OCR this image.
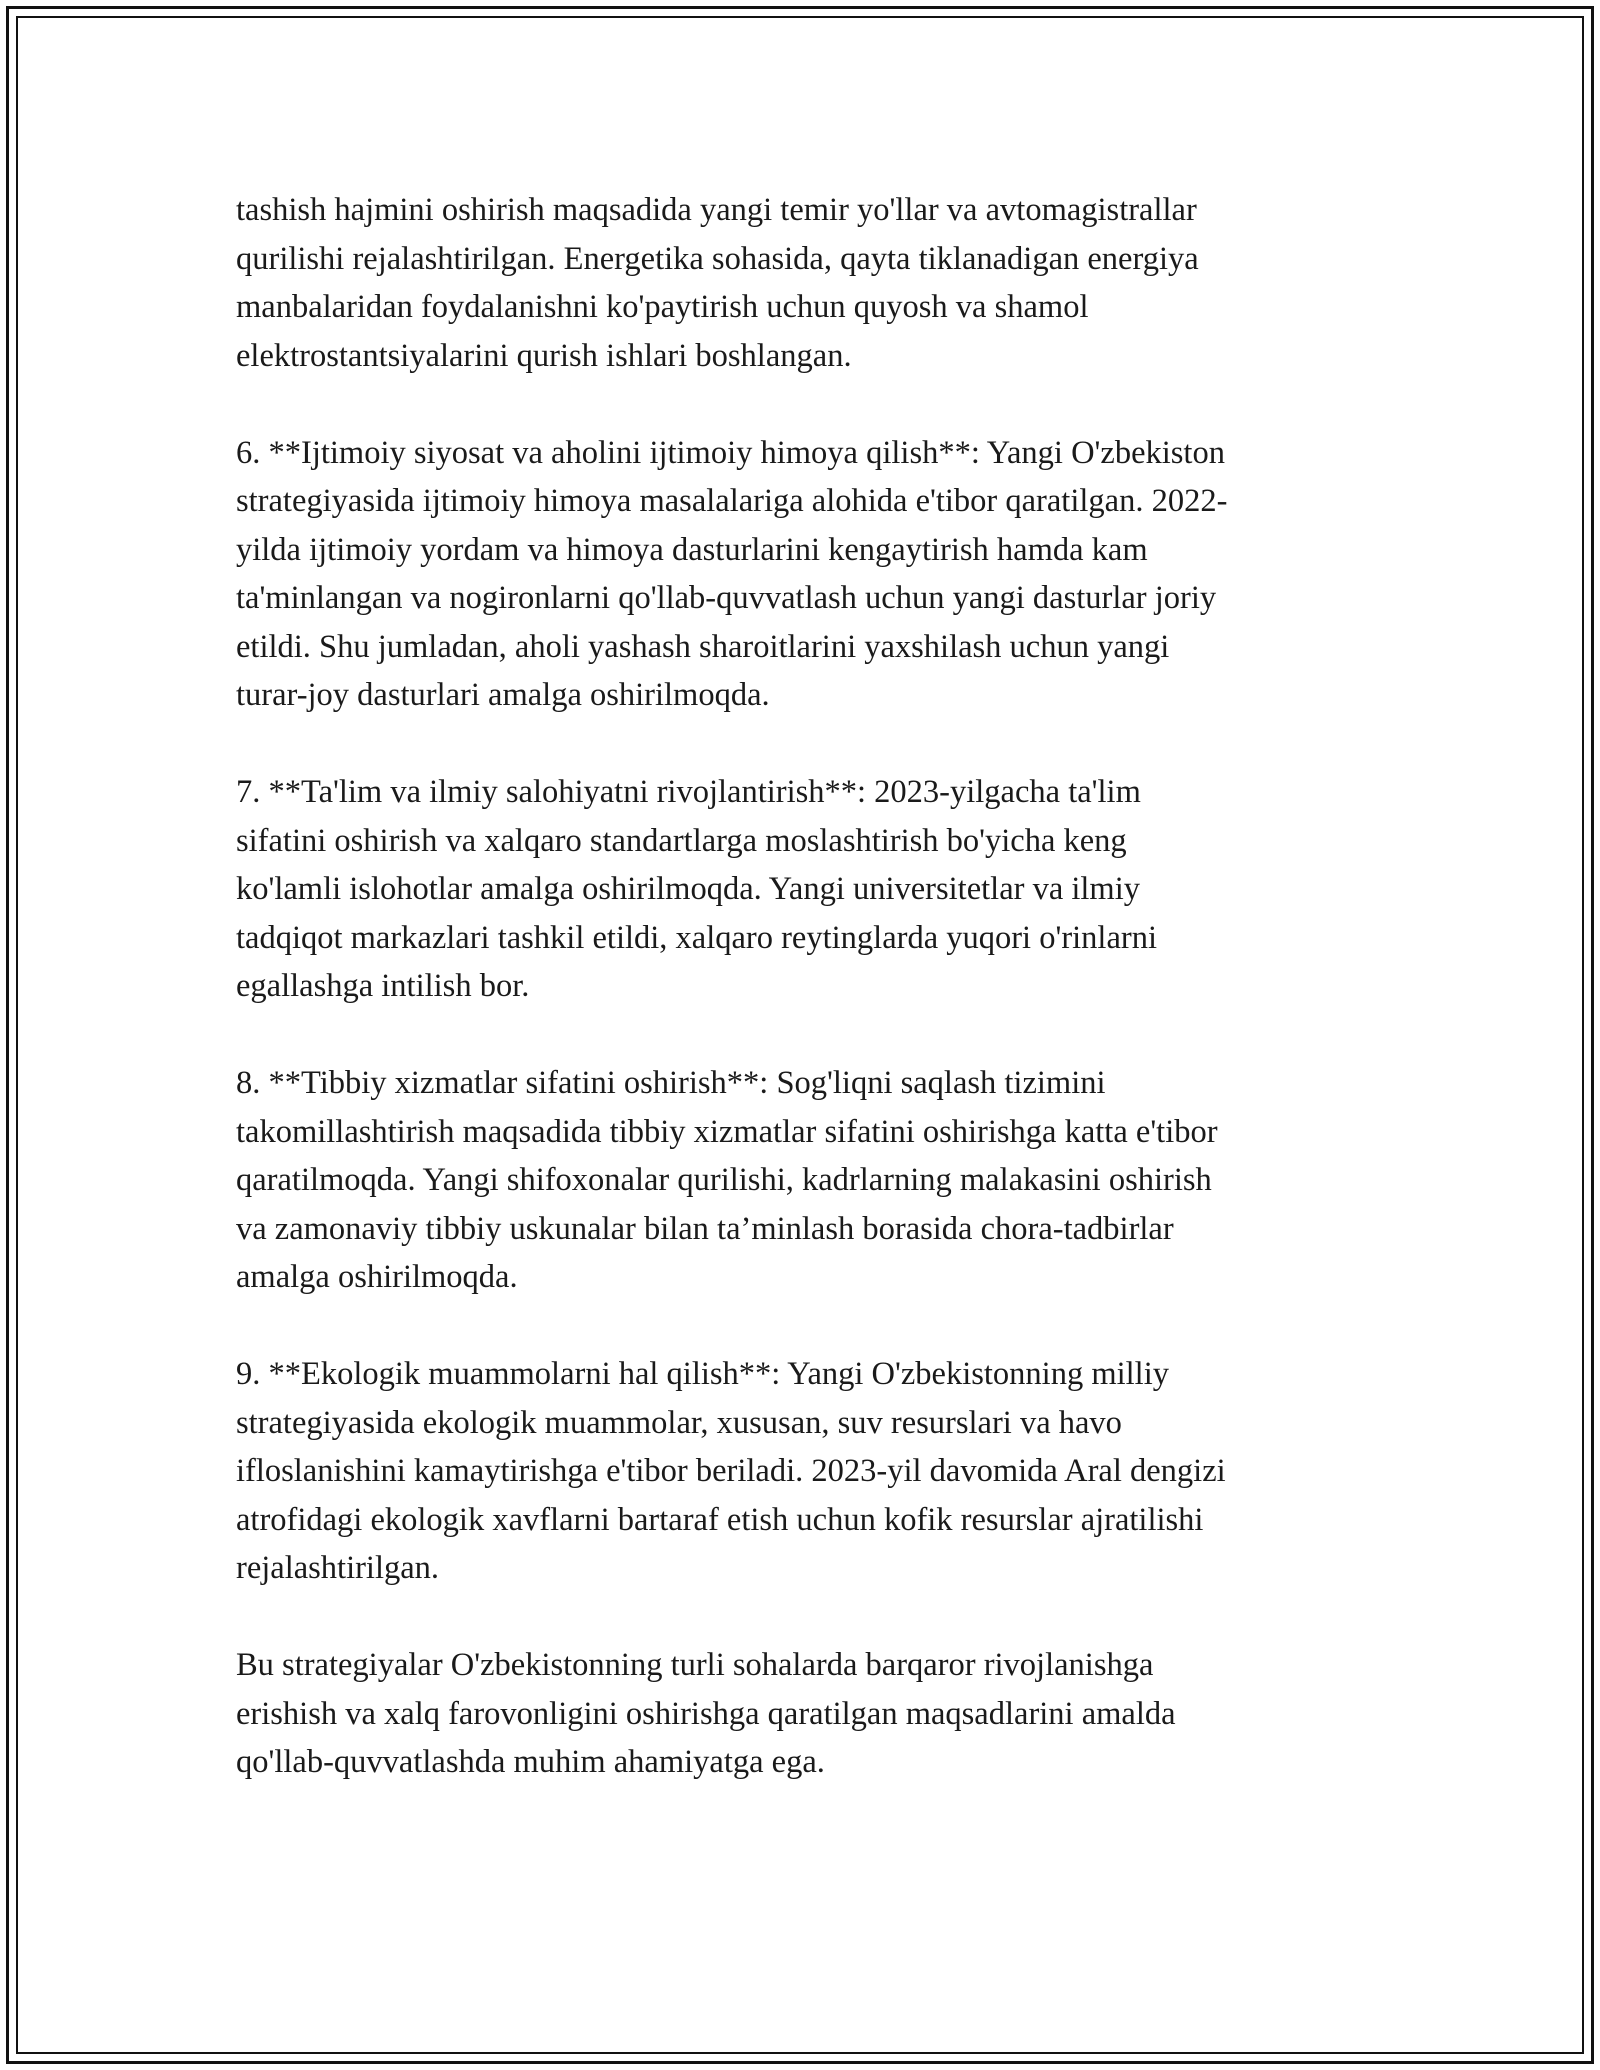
tashish hajmini oshirish maqsadida yangi temir yo'llar va avtomagistrallar
qurilishi rejalashtirilgan. Energetika sohasida, qayta tiklanadigan energiya
manbalaridan foydalanishni ko'paytirish uchun quyosh va shamol
elektrostantsiyalarini qurish ishlari boshlangan.

6. **Ijtimoiy siyosat va aholini ijtimoiy himoya qilish**: Yangi O'zbekiston
strategiyasida ijtimoiy himoya masalalariga alohida e'tibor qaratilgan. 2022-
yilda ijtimoiy yordam va himoya dasturlarini kengaytirish hamda kam
ta'minlangan va nogironlarni qo'llab-quvvatlash uchun yangi dasturlar joriy
etildi. Shu jumladan, aholi yashash sharoitlarini yaxshilash uchun yangi
turar-joy dasturlari amalga oshirilmoqda.

7. **Ta'lim va ilmiy salohiyatni rivojlantirish**: 2023-yilgacha ta'lim
sifatini oshirish va xalqaro standartlarga moslashtirish bo'yicha keng
ko'lamli islohotlar amalga oshirilmoqda. Yangi universitetlar va ilmiy
tadqiqot markazlari tashkil etildi, xalqaro reytinglarda yuqori o'rinlarni
egallashga intilish bor.

8. **Tibbiy xizmatlar sifatini oshirish**: Sog'liqni saqlash tizimini
takomillashtirish maqsadida tibbiy xizmatlar sifatini oshirishga katta e'tibor
qaratilmoqda. Yangi shifoxonalar qurilishi, kadrlarning malakasini oshirish
va zamonaviy tibbiy uskunalar bilan ta’minlash borasida chora-tadbirlar
amalga oshirilmoqda.

9. **Ekologik muammolarni hal qilish**: Yangi O'zbekistonning milliy
strategiyasida ekologik muammolar, xususan, suv resurslari va havo
ifloslanishini kamaytirishga e'tibor beriladi. 2023-yil davomida Aral dengizi
atrofidagi ekologik xavflarni bartaraf etish uchun kofik resurslar ajratilishi
rejalashtirilgan.

Bu strategiyalar O'zbekistonning turli sohalarda barqaror rivojlanishga
erishish va xalq farovonligini oshirishga qaratilgan maqsadlarini amalda
qo'llab-quvvatlashda muhim ahamiyatga ega.
